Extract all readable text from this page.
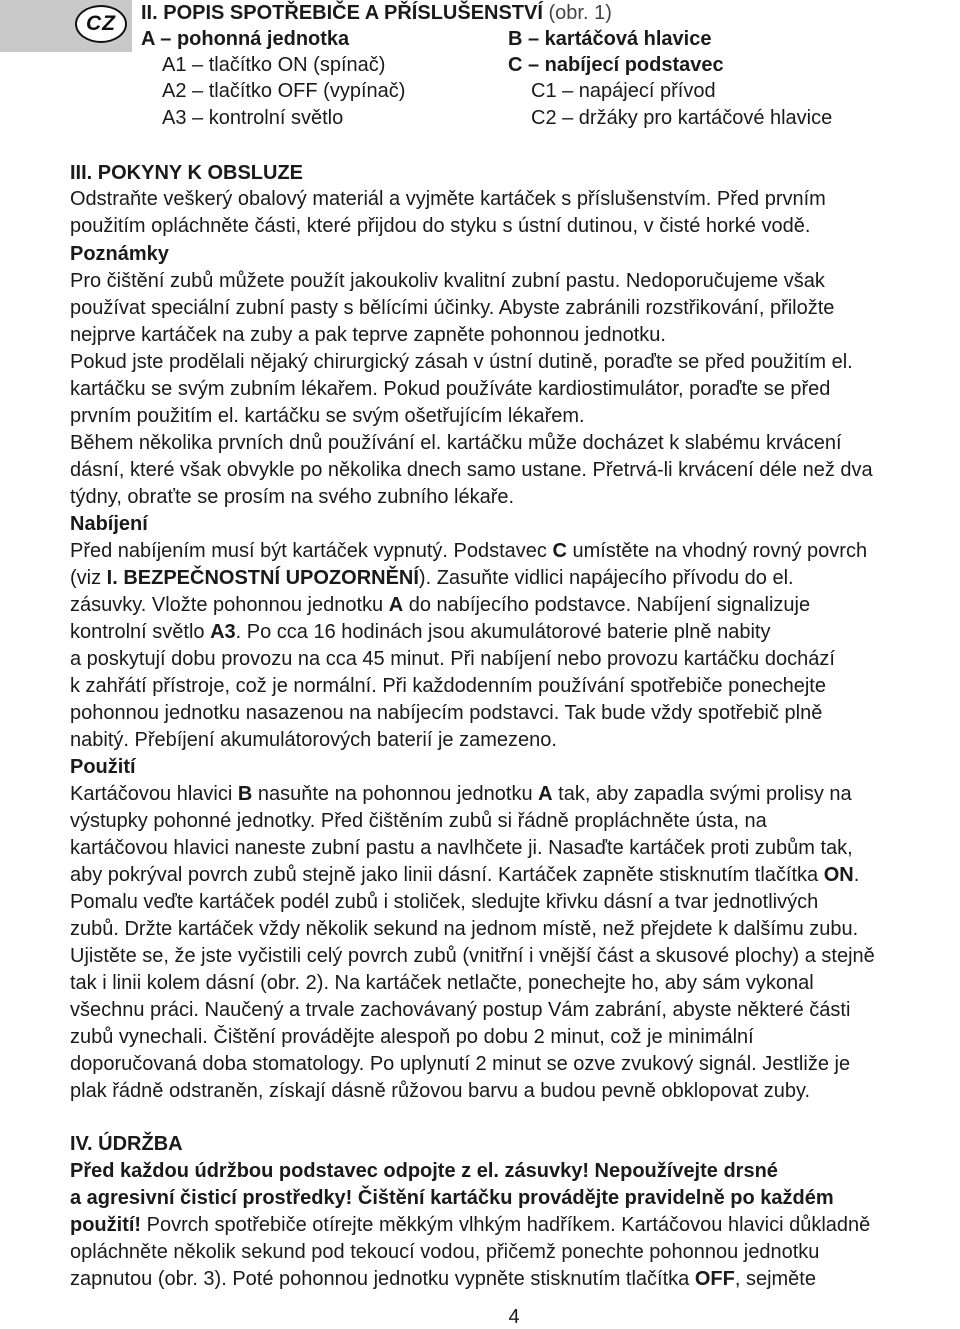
CZ	II. POPIS SPOTŘEBIČE A PŘÍSLUŠENSTVÍ (obr. 1)
A – pohonná jednotka
A1 – tlačítko ON (spínač)
A2 – tlačítko OFF (vypínač)
A3 – kontrolní světlo
B – kartáčová hlavice
C – nabíjecí podstavec
C1 – napájecí přívod
C2 – držáky pro kartáčové hlavice
III. POKYNY K OBSLUZE
Odstraňte veškerý obalový materiál a vyjměte kartáček s příslušenstvím. Před prvním
použitím opláchněte části, které přijdou do styku s ústní dutinou, v čisté horké vodě.
Poznámky
Pro čištění zubů můžete použít jakoukoliv kvalitní zubní pastu. Nedoporučujeme však
používat speciální zubní pasty s bělícími účinky. Abyste zabránili rozstřikování, přiložte
nejprve kartáček na zuby a pak teprve zapněte pohonnou jednotku.
Pokud jste prodělali nějaký chirurgický zásah v ústní dutině, poraďte se před použitím el.
kartáčku se svým zubním lékařem. Pokud používáte kardiostimulátor, poraďte se před
prvním použitím el. kartáčku se svým ošetřujícím lékařem.
Během několika prvních dnů používání el. kartáčku může docházet k slabému krvácení
dásní, které však obvykle po několika dnech samo ustane. Přetrvá-li krvácení déle než dva
týdny, obraťte se prosím na svého zubního lékaře.
Nabíjení
Před nabíjením musí být kartáček vypnutý. Podstavec C umístěte na vhodný rovný povrch
(viz I. BEZPEČNOSTNÍ UPOZORNĚNÍ). Zasuňte vidlici napájecího přívodu do el.
zásuvky. Vložte pohonnou jednotku A do nabíjecího podstavce. Nabíjení signalizuje
kontrolní světlo A3. Po cca 16 hodinách jsou akumulátorové baterie plně nabity
a poskytují dobu provozu na cca 45 minut. Při nabíjení nebo provozu kartáčku dochází
k zahřátí přístroje, což je normální. Při každodenním používání spotřebiče ponechejte
pohonnou jednotku nasazenou na nabíjecím podstavci. Tak bude vždy spotřebič plně
nabitý. Přebíjení akumulátorových baterií je zamezeno.
Použití
Kartáčovou hlavici B nasuňte na pohonnou jednotku A tak, aby zapadla svými prolisy na
výstupky pohonné jednotky. Před čištěním zubů si řádně propláchněte ústa, na
kartáčovou hlavici naneste zubní pastu a navlhčete ji. Nasaďte kartáček proti zubům tak,
aby pokrýval povrch zubů stejně jako linii dásní. Kartáček zapněte stisknutím tlačítka ON.
Pomalu veďte kartáček podél zubů i stoliček, sledujte křivku dásní a tvar jednotlivých
zubů. Držte kartáček vždy několik sekund na jednom místě, než přejdete k dalšímu zubu.
Ujistěte se, že jste vyčistili celý povrch zubů (vnitřní i vnější část a skusové plochy) a stejně
tak i linii kolem dásní (obr. 2). Na kartáček netlačte, ponechejte ho, aby sám vykonal
všechnu práci. Naučený a trvale zachovávaný postup Vám zabrání, abyste některé části
zubů vynechali. Čištění provádějte alespoň po dobu 2 minut, což je minimální
doporučovaná doba stomatology. Po uplynutí 2 minut se ozve zvukový signál. Jestliže je
plak řádně odstraněn, získají dásně růžovou barvu a budou pevně obklopovat zuby.
IV. ÚDRŽBA
Před každou údržbou podstavec odpojte z el. zásuvky! Nepoužívejte drsné
a agresivní čisticí prostředky! Čištění kartáčku provádějte pravidelně po každém
použití! Povrch spotřebiče otírejte měkkým vlhkým hadříkem. Kartáčovou hlavici důkladně
opláchněte několik sekund pod tekoucí vodou, přičemž ponechte pohonnou jednotku
zapnutou (obr. 3). Poté pohonnou jednotku vypněte stisknutím tlačítka OFF, sejměte
4
